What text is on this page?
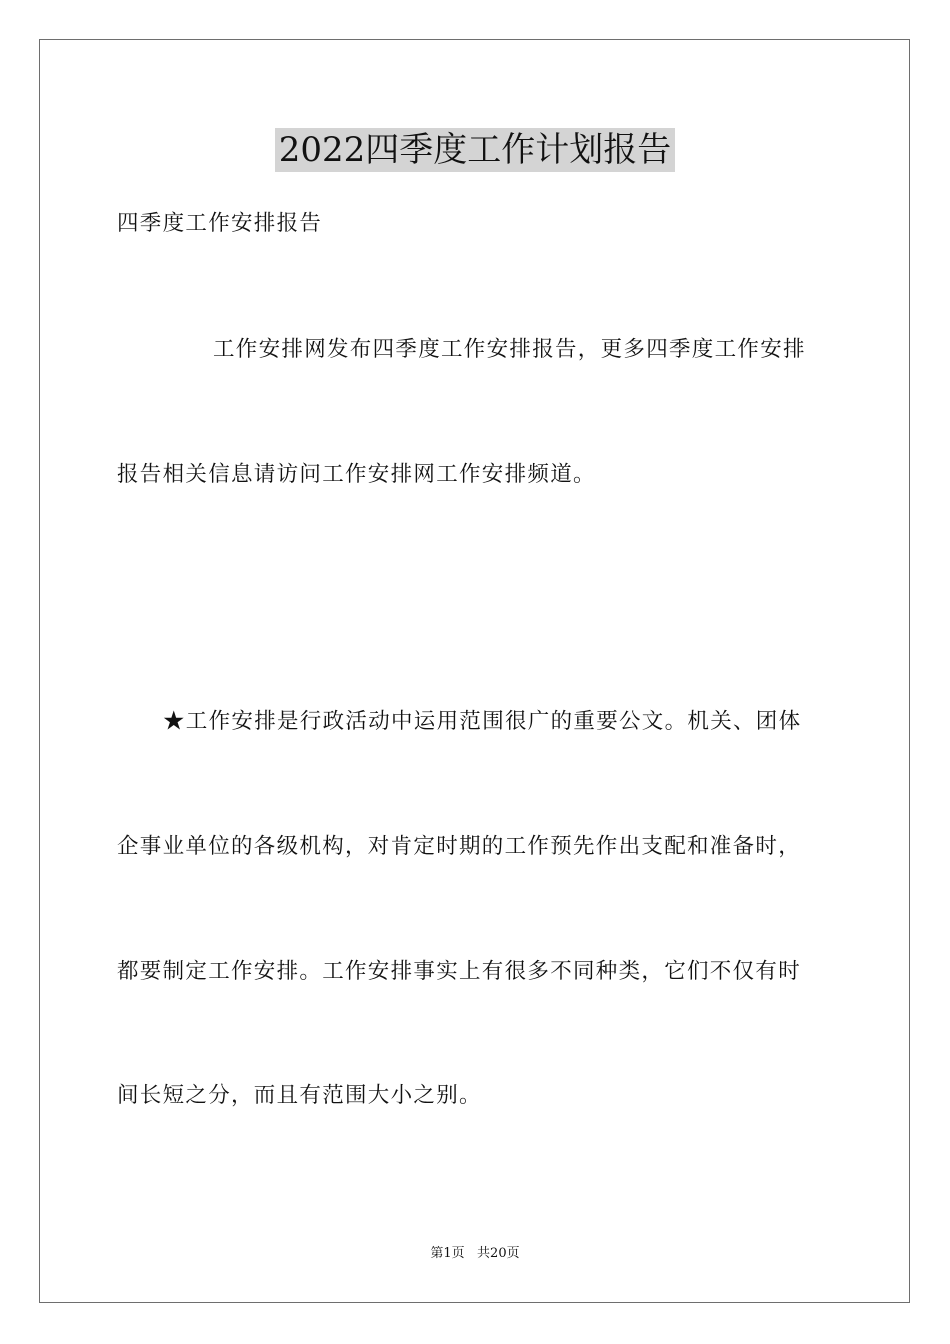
2022四季度工作计划报告
四季度工作安排报告
工作安排网发布四季度工作安排报告，更多四季度工作安排
报告相关信息请访问工作安排网工作安排频道。
★工作安排是行政活动中运用范围很广的重要公文。机关、团体
企事业单位的各级机构，对肯定时期的工作预先作出支配和准备时，
都要制定工作安排。工作安排事实上有很多不同种类，它们不仅有时
间长短之分，而且有范围大小之别。
第1页   共20页
